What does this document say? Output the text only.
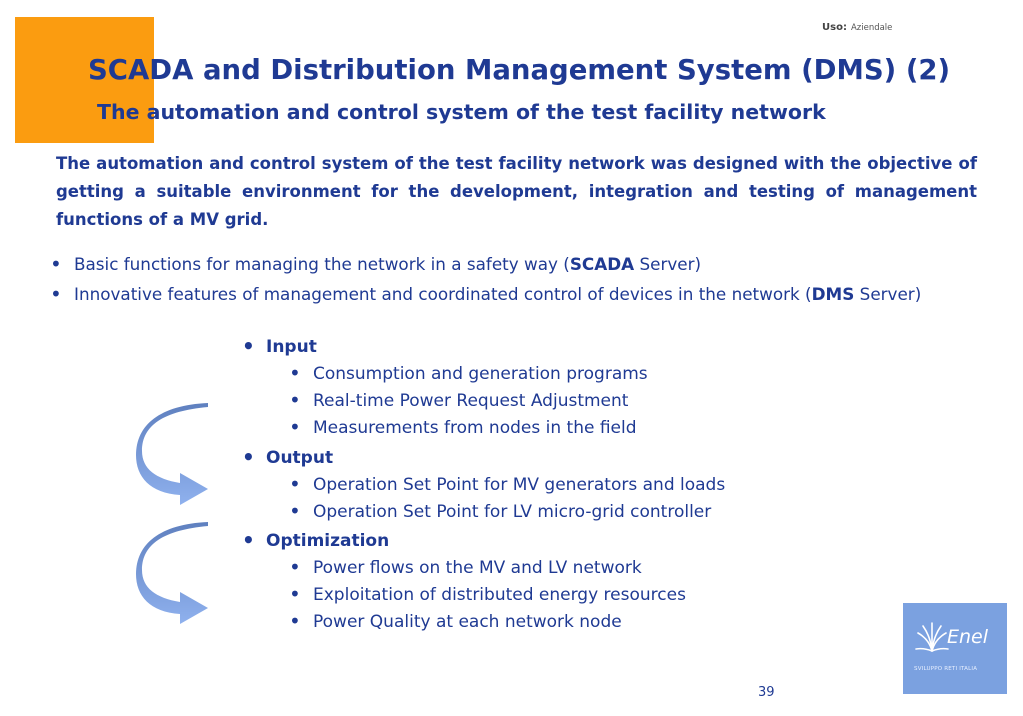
Uso: Aziendale
SCADA and Distribution Management System (DMS) (2)
The automation and control system of the test facility network

The automation and control system of the test facility network was designed with the objective of getting a suitable environment for the development, integration and testing of management functions of a MV grid.

• Basic functions for managing the network in a safety way (SCADA Server)
• Innovative features of management and coordinated control of devices in the network (DMS Server)
• Input
• Consumption and generation programs
• Real-time Power Request Adjustment
• Measurements from nodes in the field
• Output
• Operation Set Point for MV generators and loads
• Operation Set Point for LV micro-grid controller
• Optimization
• Power flows on the MV and LV network
• Exploitation of distributed energy resources
• Power Quality at each network node
Enel
SVILUPPO RETI ITALIA
39
